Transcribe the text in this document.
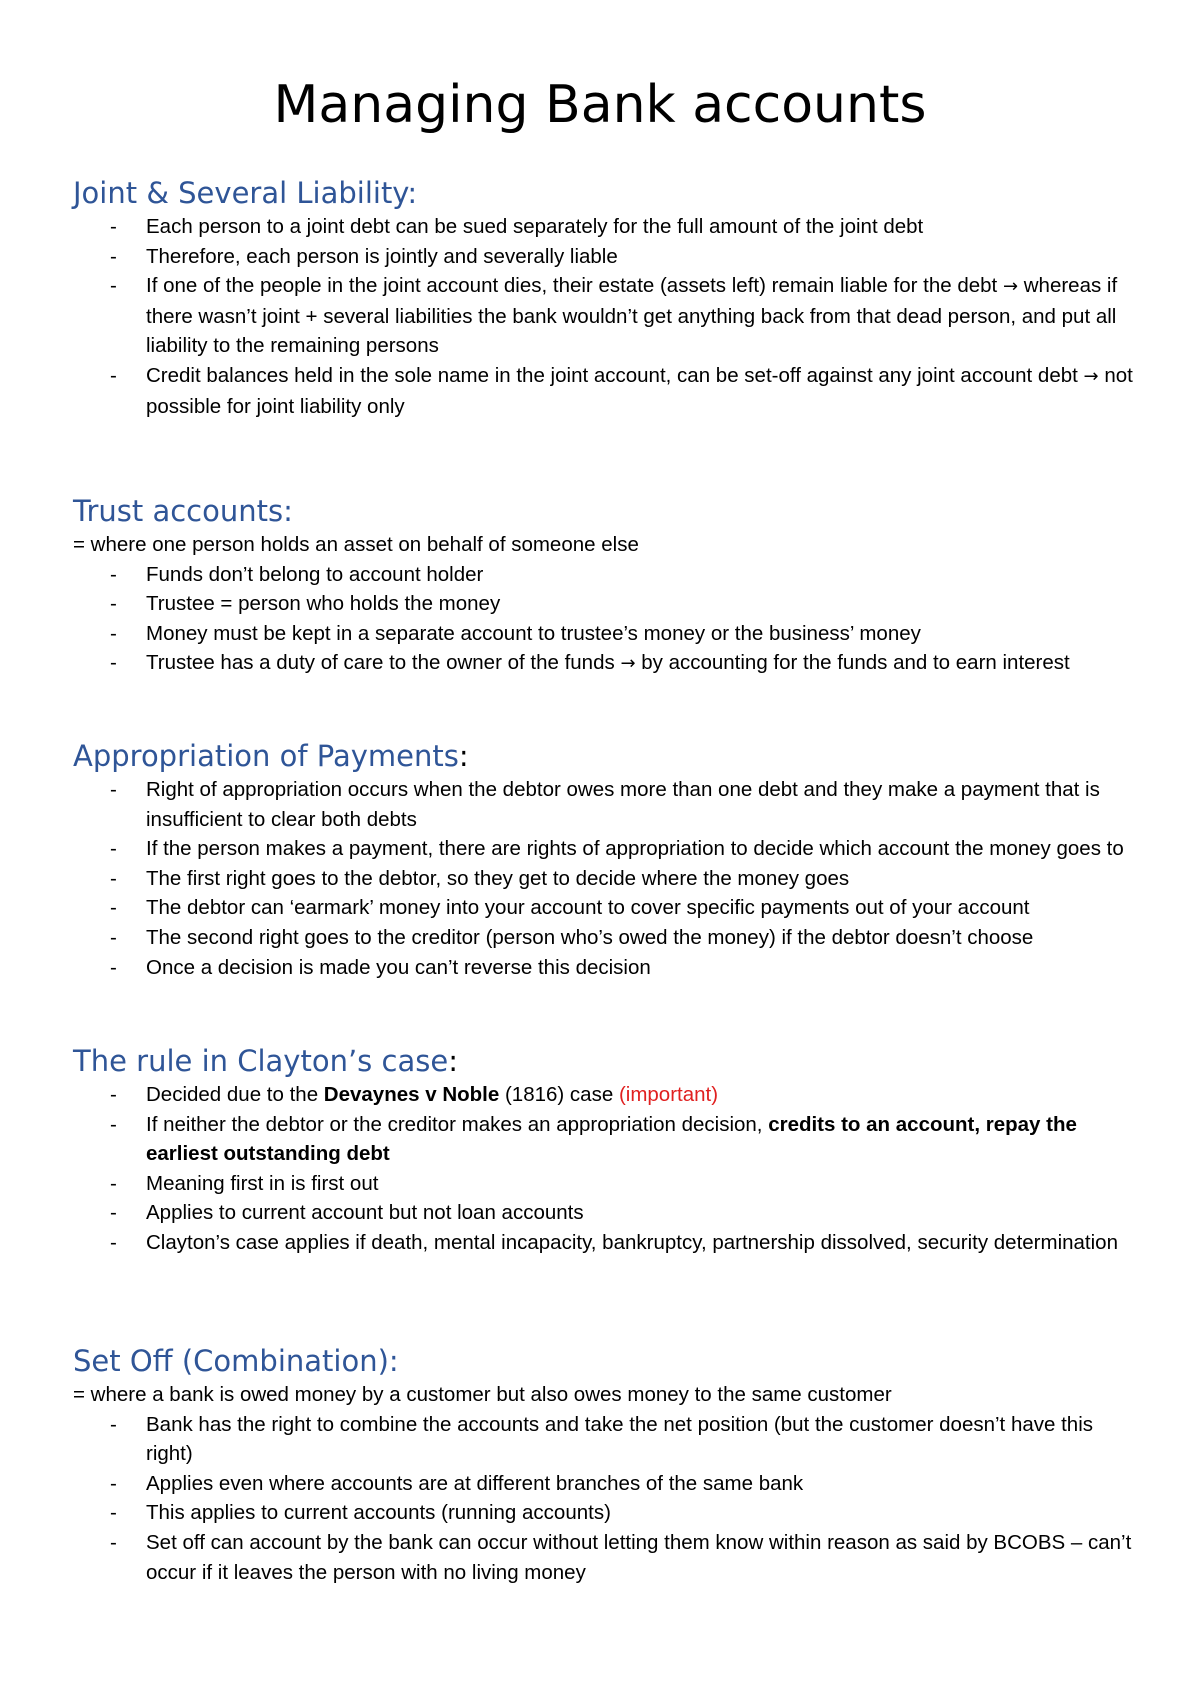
Managing Bank accounts
Joint & Several Liability:
- Each person to a joint debt can be sued separately for the full amount of the joint debt
- Therefore, each person is jointly and severally liable
- If one of the people in the joint account dies, their estate (assets left) remain liable for the debt → whereas if there wasn’t joint + several liabilities the bank wouldn’t get anything back from that dead person, and put all liability to the remaining persons
- Credit balances held in the sole name in the joint account, can be set-off against any joint account debt → not possible for joint liability only
Trust accounts:

= where one person holds an asset on behalf of someone else

- Funds don’t belong to account holder
- Trustee = person who holds the money
- Money must be kept in a separate account to trustee’s money or the business’ money
- Trustee has a duty of care to the owner of the funds → by accounting for the funds and to earn interest
Appropriation of Payments:
- Right of appropriation occurs when the debtor owes more than one debt and they make a payment that is insufficient to clear both debts
- If the person makes a payment, there are rights of appropriation to decide which account the money goes to
- The first right goes to the debtor, so they get to decide where the money goes
- The debtor can ‘earmark’ money into your account to cover specific payments out of your account
- The second right goes to the creditor (person who’s owed the money) if the debtor doesn’t choose
- Once a decision is made you can’t reverse this decision
The rule in Clayton’s case:
- Decided due to the Devaynes v Noble (1816) case (important)
- If neither the debtor or the creditor makes an appropriation decision, credits to an account, repay the earliest outstanding debt
- Meaning first in is first out
- Applies to current account but not loan accounts
- Clayton’s case applies if death, mental incapacity, bankruptcy, partnership dissolved, security determination
Set Off (Combination):

= where a bank is owed money by a customer but also owes money to the same customer

- Bank has the right to combine the accounts and take the net position (but the customer doesn’t have this right)
- Applies even where accounts are at different branches of the same bank
- This applies to current accounts (running accounts)
- Set off can account by the bank can occur without letting them know within reason as said by BCOBS – can’t occur if it leaves the person with no living money
